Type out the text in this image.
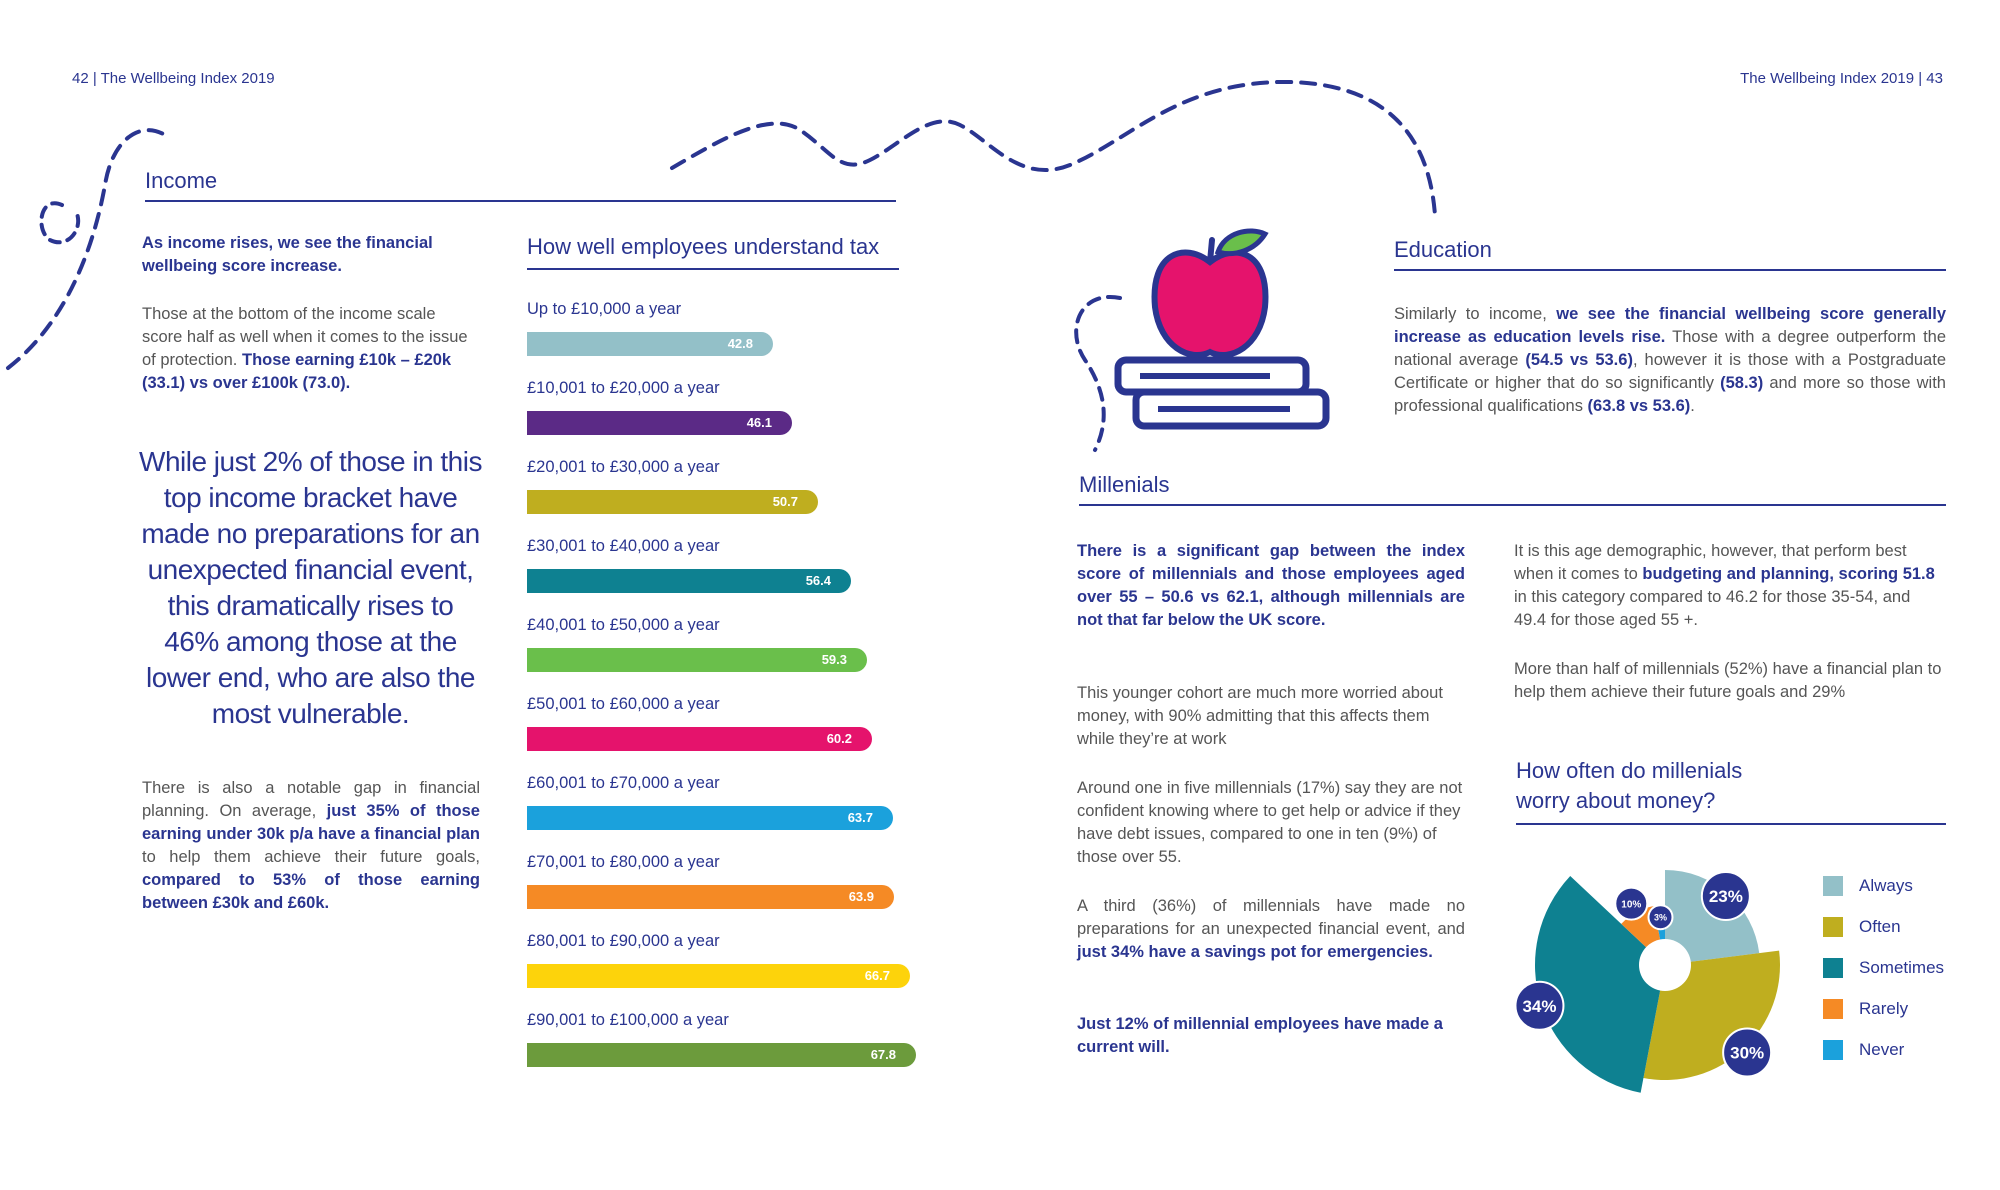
42 | The Wellbeing Index 2019	The Wellbeing Index 2019 | 43
Income
As income rises, we see the financial wellbeing score increase.
Those at the bottom of the income scale score half as well when it comes to the issue of protection. Those earning £10k – £20k (33.1) vs over £100k (73.0).
While just 2% of those in this top income bracket have made no preparations for an unexpected financial event, this dramatically rises to 46% among those at the lower end, who are also the most vulnerable.
There is also a notable gap in financial planning. On average, just 35% of those earning under 30k p/a have a financial plan to help them achieve their future goals, compared to 53% of those earning between £30k and £60k.
How well employees understand tax
Up to £10,000 a year
42.8
£10,001 to £20,000 a year
46.1
£20,001 to £30,000 a year
50.7
£30,001 to £40,000 a year
56.4
£40,001 to £50,000 a year
59.3
£50,001 to £60,000 a year
60.2
£60,001 to £70,000 a year
63.7
£70,001 to £80,000 a year
63.9
£80,001 to £90,000 a year
66.7
£90,001 to £100,000 a year
67.8
Education
Similarly to income, we see the financial wellbeing score generally increase as education levels rise. Those with a degree outperform the national average (54.5 vs 53.6), however it is those with a Postgraduate Certificate or higher that do so significantly (58.3) and more so those with professional qualifications (63.8 vs 53.6).
Millenials
There is a significant gap between the index score of millennials and those employees aged over 55 – 50.6 vs 62.1, although millennials are not that far below the UK score.
This younger cohort are much more worried about money, with 90% admitting that this affects them while they’re at work
Around one in five millennials (17%) say they are not confident knowing where to get help or advice if they have debt issues, compared to one in ten (9%) of those over 55.
A third (36%) of millennials have made no preparations for an unexpected financial event, and just 34% have a savings pot for emergencies.
Just 12% of millennial employees have made a current will.
It is this age demographic, however, that perform best when it comes to budgeting and planning, scoring 51.8 in this category compared to 46.2 for those 35-54, and 49.4 for those aged 55 +.
More than half of millennials (52%) have a financial plan to help them achieve their future goals and 29%
How often do millenials
worry about money?
23%
30%
34%
10%
3%
Always
Often
Sometimes
Rarely
Never
